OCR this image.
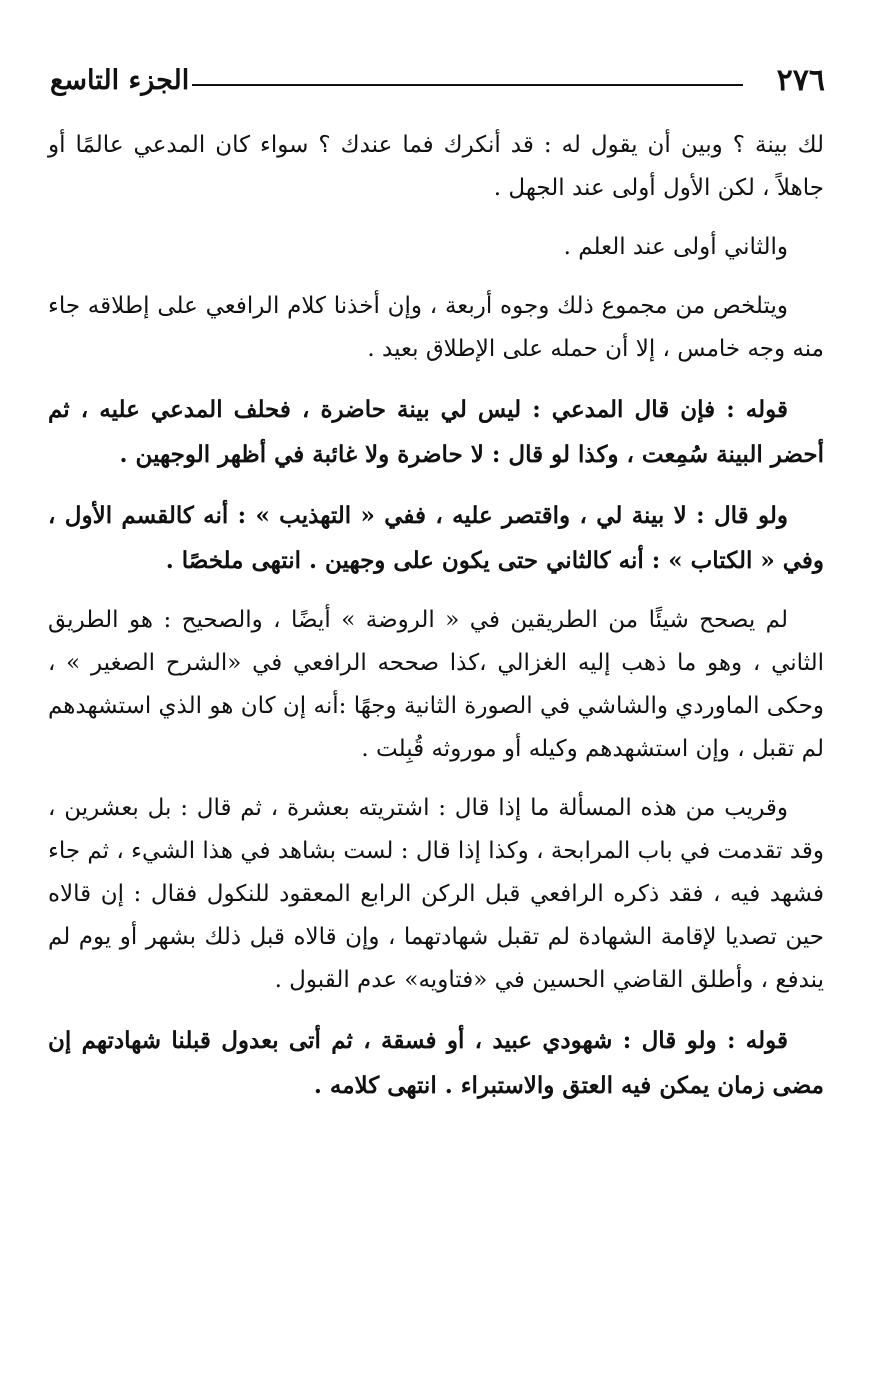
٢٧٦
الجزء التاسع

لك بينة ؟ وبين أن يقول له : قد أنكرك فما عندك ؟ سواء كان المدعي عالمًا أو جاهلاً ، لكن الأول أولى عند الجهل .

والثاني أولى عند العلم .

ويتلخص من مجموع ذلك وجوه أربعة ، وإن أخذنا كلام الرافعي على إطلاقه جاء منه وجه خامس ، إلا أن حمله على الإطلاق بعيد .

قوله : فإن قال المدعي : ليس لي بينة حاضرة ، فحلف المدعي عليه ، ثم أحضر البينة سُمِعت ، وكذا لو قال : لا حاضرة ولا غائبة في أظهر الوجهين .

ولو قال : لا بينة لي ، واقتصر عليه ، ففي « التهذيب » : أنه كالقسم الأول ، وفي « الكتاب » : أنه كالثاني حتى يكون على وجهين . انتهى ملخصًا .

لم يصحح شيئًا من الطريقين في « الروضة » أيضًا ، والصحيح : هو الطريق الثاني ، وهو ما ذهب إليه الغزالي ،كذا صححه الرافعي في «الشرح الصغير » ، وحكى الماوردي والشاشي في الصورة الثانية وجهًا :أنه إن كان هو الذي استشهدهم لم تقبل ، وإن استشهدهم وكيله أو موروثه قُبِلت .

وقريب من هذه المسألة ما إذا قال : اشتريته بعشرة ، ثم قال : بل بعشرين ، وقد تقدمت في باب المرابحة ، وكذا إذا قال : لست بشاهد في هذا الشيء ، ثم جاء فشهد فيه ، فقد ذكره الرافعي قبل الركن الرابع المعقود للنكول فقال : إن قالاه حين تصديا لإقامة الشهادة لم تقبل شهادتهما ، وإن قالاه قبل ذلك بشهر أو يوم لم يندفع ، وأطلق القاضي الحسين في «فتاويه» عدم القبول .

قوله : ولو قال : شهودي عبيد ، أو فسقة ، ثم أتى بعدول قبلنا شهادتهم إن مضى زمان يمكن فيه العتق والاستبراء . انتهى كلامه .
